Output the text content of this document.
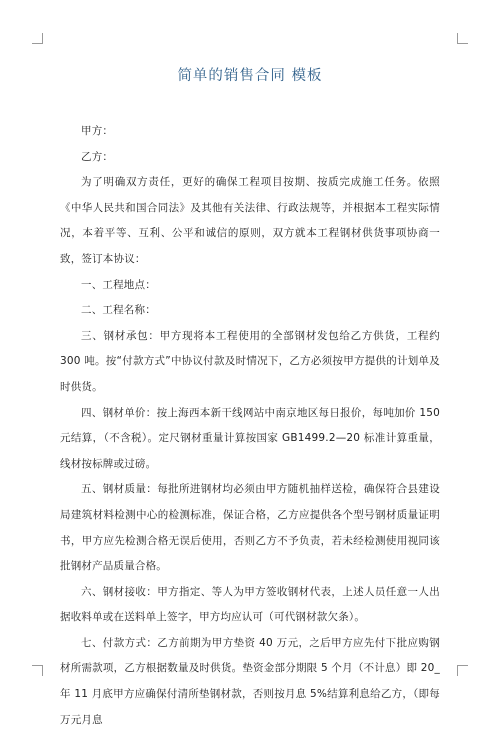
简单的销售合同 模板

甲方：

乙方：

为了明确双方责任，更好的确保工程项目按期、按质完成施工任务。依照《中华人民共和国合同法》及其他有关法律、行政法规等，并根据本工程实际情况，本着平等、互利、公平和诚信的原则，双方就本工程钢材供货事项协商一致，签订本协议：

一、工程地点：

二、工程名称：

三、钢材承包：甲方现将本工程使用的全部钢材发包给乙方供货，工程约 300 吨。按“付款方式”中协议付款及时情况下，乙方必须按甲方提供的计划单及时供货。

四、钢材单价：按上海西本新干线网站中南京地区每日报价，每吨加价 150 元结算，（不含税）。定尺钢材重量计算按国家 GB1499.2—20 标准计算重量，线材按标牌或过磅。

五、钢材质量：每批所进钢材均必须由甲方随机抽样送检，确保符合县建设局建筑材料检测中心的检测标准，保证合格，乙方应提供各个型号钢材质量证明书，甲方应先检测合格无误后使用，否则乙方不予负责，若未经检测使用视同该批钢材产品质量合格。

六、钢材接收：甲方指定、等人为甲方签收钢材代表，上述人员任意一人出据收料单或在送料单上签字，甲方均应认可（可代钢材款欠条）。

七、付款方式：乙方前期为甲方垫资 40 万元，之后甲方应先付下批应购钢材所需款项，乙方根据数量及时供货。垫资金部分期限 5 个月（不计息）即 20_年 11 月底甲方应确保付清所垫钢材款，否则按月息 5%结算利息给乙方，（即每万元月息
